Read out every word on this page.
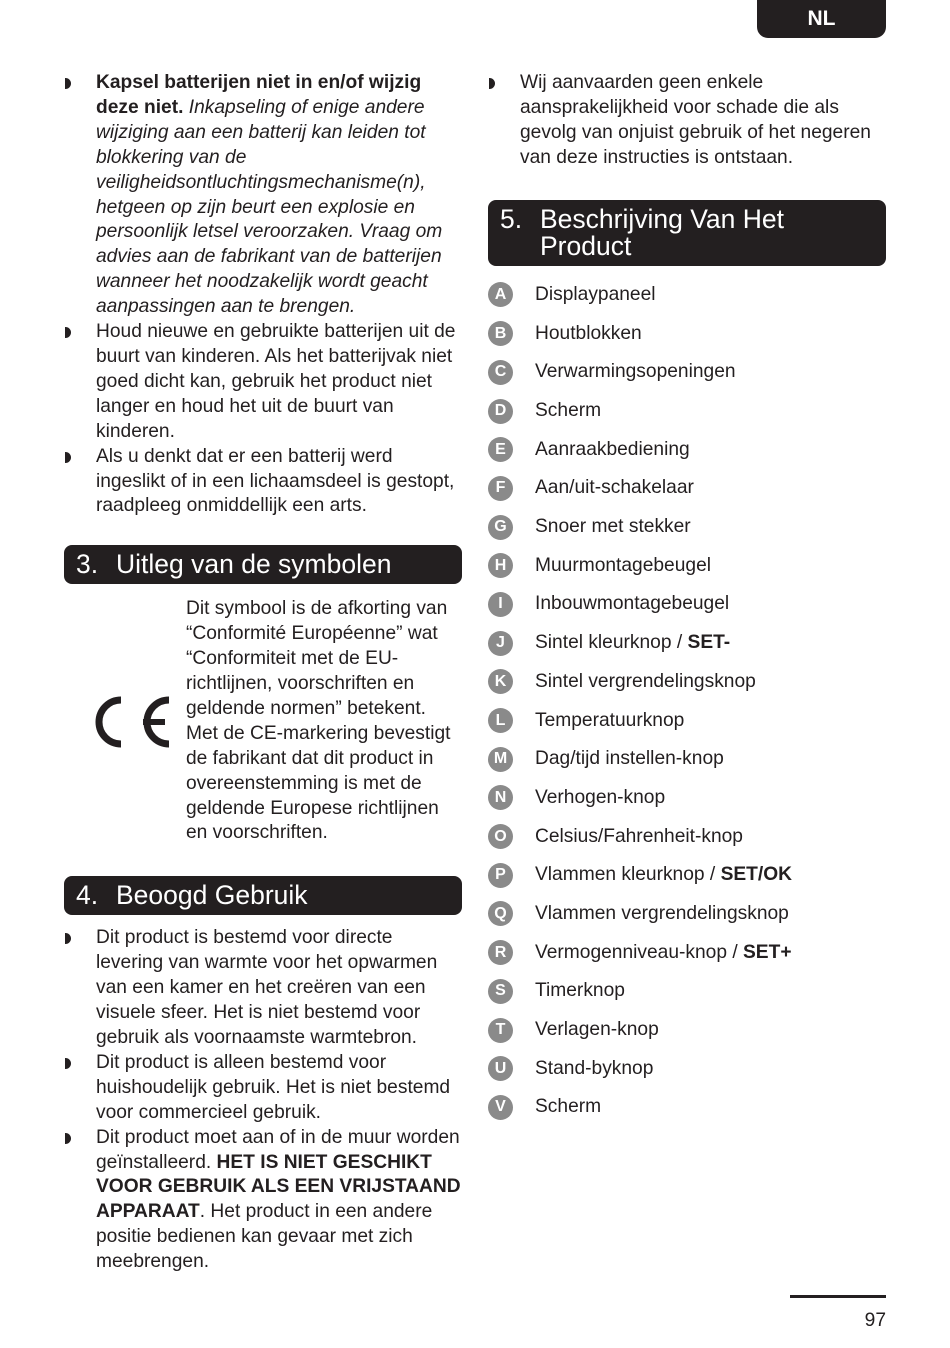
NL
Kapsel batterijen niet in en/of wijzig deze niet. Inkapseling of enige andere wijziging aan een batterij kan leiden tot blokkering van de veiligheidsontluchtingsmechanisme(n), hetgeen op zijn beurt een explosie en persoonlijk letsel veroorzaken. Vraag om advies aan de fabrikant van de batterijen wanneer het noodzakelijk wordt geacht aanpassingen aan te brengen.
Houd nieuwe en gebruikte batterijen uit de buurt van kinderen. Als het batterijvak niet goed dicht kan, gebruik het product niet langer en houd het uit de buurt van kinderen.
Als u denkt dat er een batterij werd ingeslikt of in een lichaamsdeel is gestopt, raadpleeg onmiddellijk een arts.
3. Uitleg van de symbolen
Dit symbool is de afkorting van “Conformité Européenne” wat “Conformiteit met de EU-richtlijnen, voorschriften en geldende normen” betekent. Met de CE-markering bevestigt de fabrikant dat dit product in overeenstemming is met de geldende Europese richtlijnen en voorschriften.
4. Beoogd Gebruik
Dit product is bestemd voor directe levering van warmte voor het opwarmen van een kamer en het creëren van een visuele sfeer. Het is niet bestemd voor gebruik als voornaamste warmtebron.
Dit product is alleen bestemd voor huishoudelijk gebruik. Het is niet bestemd voor commercieel gebruik.
Dit product moet aan of in de muur worden geïnstalleerd. HET IS NIET GESCHIKT VOOR GEBRUIK ALS EEN VRIJSTAAND APPARAAT. Het product in een andere positie bedienen kan gevaar met zich meebrengen.
Wij aanvaarden geen enkele aansprakelijkheid voor schade die als gevolg van onjuist gebruik of het negeren van deze instructies is ontstaan.
5. Beschrijving Van Het Product
A	Displaypaneel
B	Houtblokken
C	Verwarmingsopeningen
D	Scherm
E	Aanraakbediening
F	Aan/uit-schakelaar
G	Snoer met stekker
H	Muurmontagebeugel
I	Inbouwmontagebeugel
J	Sintel kleurknop / SET-
K	Sintel vergrendelingsknop
L	Temperatuurknop
M	Dag/tijd instellen-knop
N	Verhogen-knop
O	Celsius/Fahrenheit-knop
P	Vlammen kleurknop / SET/OK
Q	Vlammen vergrendelingsknop
R	Vermogenniveau-knop / SET+
S	Timerknop
T	Verlagen-knop
U	Stand-byknop
V	Scherm
97
